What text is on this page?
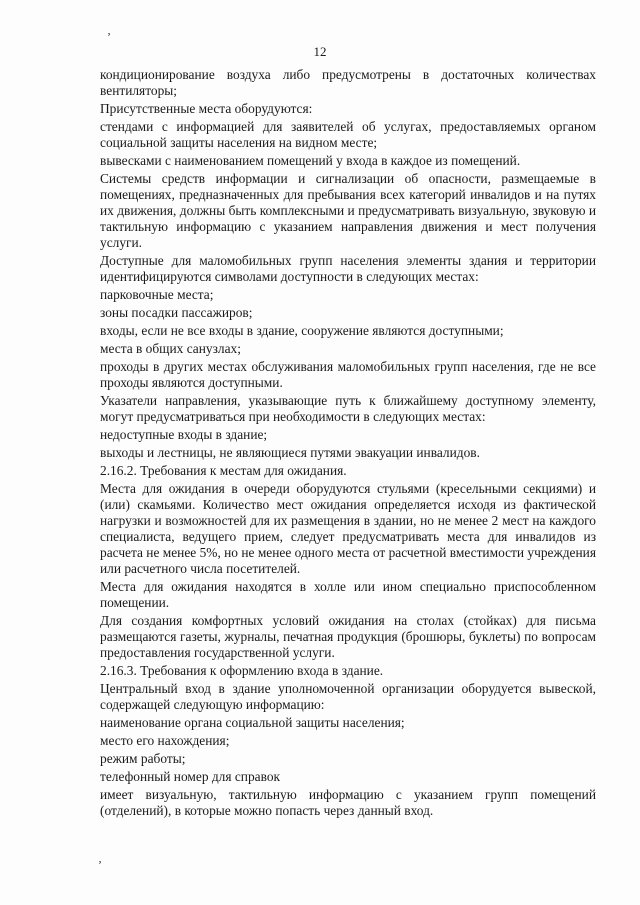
ʼ
12

кондиционирование воздуха либо предусмотрены в достаточных количествах вентиляторы;

Присутственные места оборудуются:

стендами с информацией для заявителей об услугах, предоставляемых органом социальной защиты населения на видном месте;

вывесками с наименованием помещений у входа в каждое из помещений.

Системы средств информации и сигнализации об опасности, размещаемые в помещениях, предназначенных для пребывания всех категорий инвалидов и на путях их движения, должны быть комплексными и предусматривать визуальную, звуковую и тактильную информацию с указанием направления движения и мест получения услуги.

Доступные для маломобильных групп населения элементы здания и территории идентифицируются символами доступности в следующих местах:

парковочные места;

зоны посадки пассажиров;

входы, если не все входы в здание, сооружение являются доступными;

места в общих санузлах;

проходы в других местах обслуживания маломобильных групп населения, где не все проходы являются доступными.

Указатели направления, указывающие путь к ближайшему доступному элементу, могут предусматриваться при необходимости в следующих местах:

недоступные входы в здание;

выходы и лестницы, не являющиеся путями эвакуации инвалидов.

2.16.2. Требования к местам для ожидания.

Места для ожидания в очереди оборудуются стульями (кресельными секциями) и (или) скамьями. Количество мест ожидания определяется исходя из фактической нагрузки и возможностей для их размещения в здании, но не менее 2 мест на каждого специалиста, ведущего прием, следует предусматривать места для инвалидов из расчета не менее 5%, но не менее одного места от расчетной вместимости учреждения или расчетного числа посетителей.

Места для ожидания находятся в холле или ином специально приспособленном помещении.

Для создания комфортных условий ожидания на столах (стойках) для письма размещаются газеты, журналы, печатная продукция (брошюры, буклеты) по вопросам предоставления государственной услуги.

2.16.3. Требования к оформлению входа в здание.

Центральный вход в здание уполномоченной организации оборудуется вывеской, содержащей следующую информацию:

наименование органа социальной защиты населения;

место его нахождения;

режим работы;

телефонный номер для справок

имеет визуальную, тактильную информацию с указанием групп помещений (отделений), в которые можно попасть через данный вход.

ʼ
